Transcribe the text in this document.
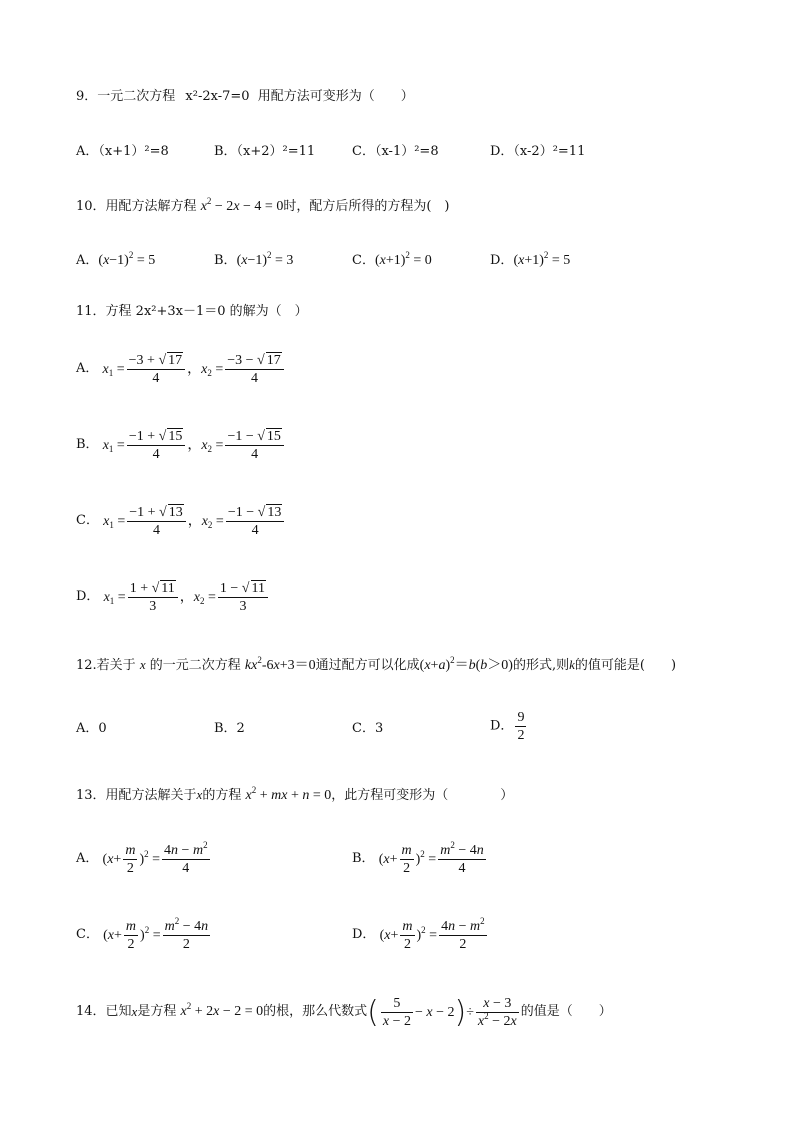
9．一元二次方程 x²-2x-7=0 用配方法可变形为（　　）
A．（x+1）²=8	B．（x+2）²=11	C．（x-1）²=8	D．（x-2）²=11
10．用配方法解方程 $x^2 - 2x - 4 = 0$时，配方后所得的方程为(　)
A．$(x-1)^2 = 5$	B．$(x-1)^2 = 3$	C．$(x+1)^2 = 0$	D．$(x+1)^2 = 5$
11．方程 2x²+3x－1＝0 的解为（　）
A． $x_1 = \frac{-3 + √ 17}{4}$ ，$x_2 = \frac{-3 - √ 17}{4}$
B． $x_1 = \frac{-1 + √ 15}{4}$ ，$x_2 = \frac{-1 - √ 15}{4}$
C． $x_1 = \frac{-1 + √ 13}{4}$ ，$x_2 = \frac{-1 - √ 13}{4}$
D． $x_1 = \frac{1 + √ 11}{3}$ ，$x_2 = \frac{1 - √ 11}{3}$
12.若关于 x 的一元二次方程 $kx^2-6x+3=0$通过配方可以化成$(x+a)^2=b(b>0)$的形式,则k的值可能是(　　)
A．0	B．2	C．3	D． $\frac{9}{2}$
13．用配方法解关于x的方程 $x^2$ + mx + n = 0，此方程可变形为（　　　　）
A． $(x+ \frac{m}{2} )^2 = \frac{4n - m^2}{4}$	B． $(x+ \frac{m}{2} )^2 = \frac{m^2 - 4n}{4}$
C． $(x+ \frac{m}{2} )^2 = \frac{m^2 - 4n}{2}$	D． $(x+ \frac{m}{2} )^2 = \frac{4n - m^2}{2}$
14．已知x是方程 $x^2 + 2x - 2 = 0$的根，那么代数式( $\frac{5}{x - 2} - x - 2)\div \frac{x - 3}{x^2 - 2x}$ 的值是（　　）
